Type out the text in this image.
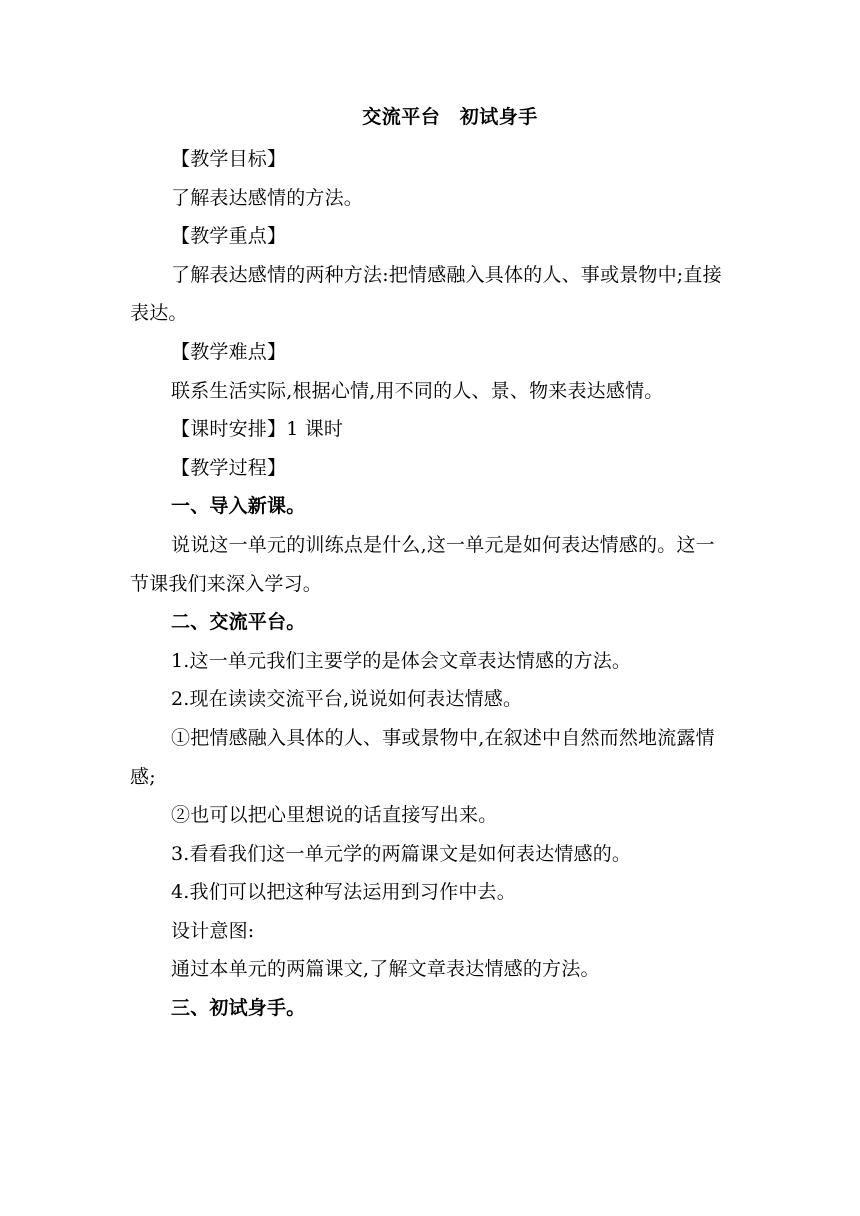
交流平台　初试身手

【教学目标】

了解表达感情的方法。

【教学重点】

了解表达感情的两种方法:把情感融入具体的人、事或景物中;直接表达。

【教学难点】

联系生活实际,根据心情,用不同的人、景、物来表达感情。

【课时安排】1 课时

【教学过程】

一、导入新课。

说说这一单元的训练点是什么,这一单元是如何表达情感的。这一节课我们来深入学习。

二、交流平台。

1.这一单元我们主要学的是体会文章表达情感的方法。

2.现在读读交流平台,说说如何表达情感。

①把情感融入具体的人、事或景物中,在叙述中自然而然地流露情感;

②也可以把心里想说的话直接写出来。

3.看看我们这一单元学的两篇课文是如何表达情感的。

4.我们可以把这种写法运用到习作中去。

设计意图:

通过本单元的两篇课文,了解文章表达情感的方法。

三、初试身手。
